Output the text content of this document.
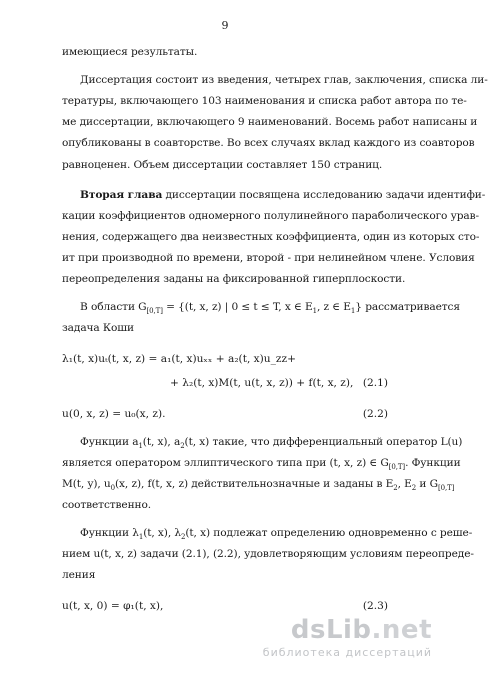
9
имеющиеся результаты.
Диссертация состоит из введения, четырех глав, заключения, списка ли-
тературы, включающего 103 наименования и списка работ автора по те-
ме диссертации, включающего 9 наименований. Восемь работ написаны и
опубликованы в соавторстве. Во всех случаях вклад каждого из соавторов
равноценен. Объем диссертации составляет 150 страниц.
Вторая глава диссертации посвящена исследованию задачи идентифи-
кации коэффициентов одномерного полулинейного параболического урав-
нения, содержащего два неизвестных коэффициента, один из которых сто-
ит при производной по времени, второй - при нелинейном члене. Условия
переопределения заданы на фиксированной гиперплоскости.
В области $G_{[0,T]} = \{(t$, x, z) | 0 ≤ t ≤ T, x ∈ $E_1$, z ∈ $E_1$} рассматривается
задача Коши
λ₁(t, x)uₜ(t, x, z) = a₁(t, x)uₓₓ + a₂(t, x)u_zz+
+ λ₂(t, x)M(t, u(t, x, z)) + f(t, x, z), (2.1)
u(0, x, z) = u₀(x, z).	(2.2)
Функции $a_1(t$, x), $a_2(t$, x) такие, что дифференциальный оператор L(u)
является оператором эллиптического типа при (t, x, z) ∈ $G_{[0,T]}$. Функции
M(t, y), $u_0(x$, z), f(t, x, z) действительнозначные и заданы в $E_2$, $E_2$ и $G_{[0,T]}$
соответственно.
Функции $\lambda_1(t$, x), $\lambda_2(t$, x) подлежат определению одновременно с реше-
нием u(t, x, z) задачи (2.1), (2.2), удовлетворяющим условиям переопреде-
ления
u(t, x, 0) = φ₁(t, x),	(2.3)
dsLib.net
библиотека диссертаций
